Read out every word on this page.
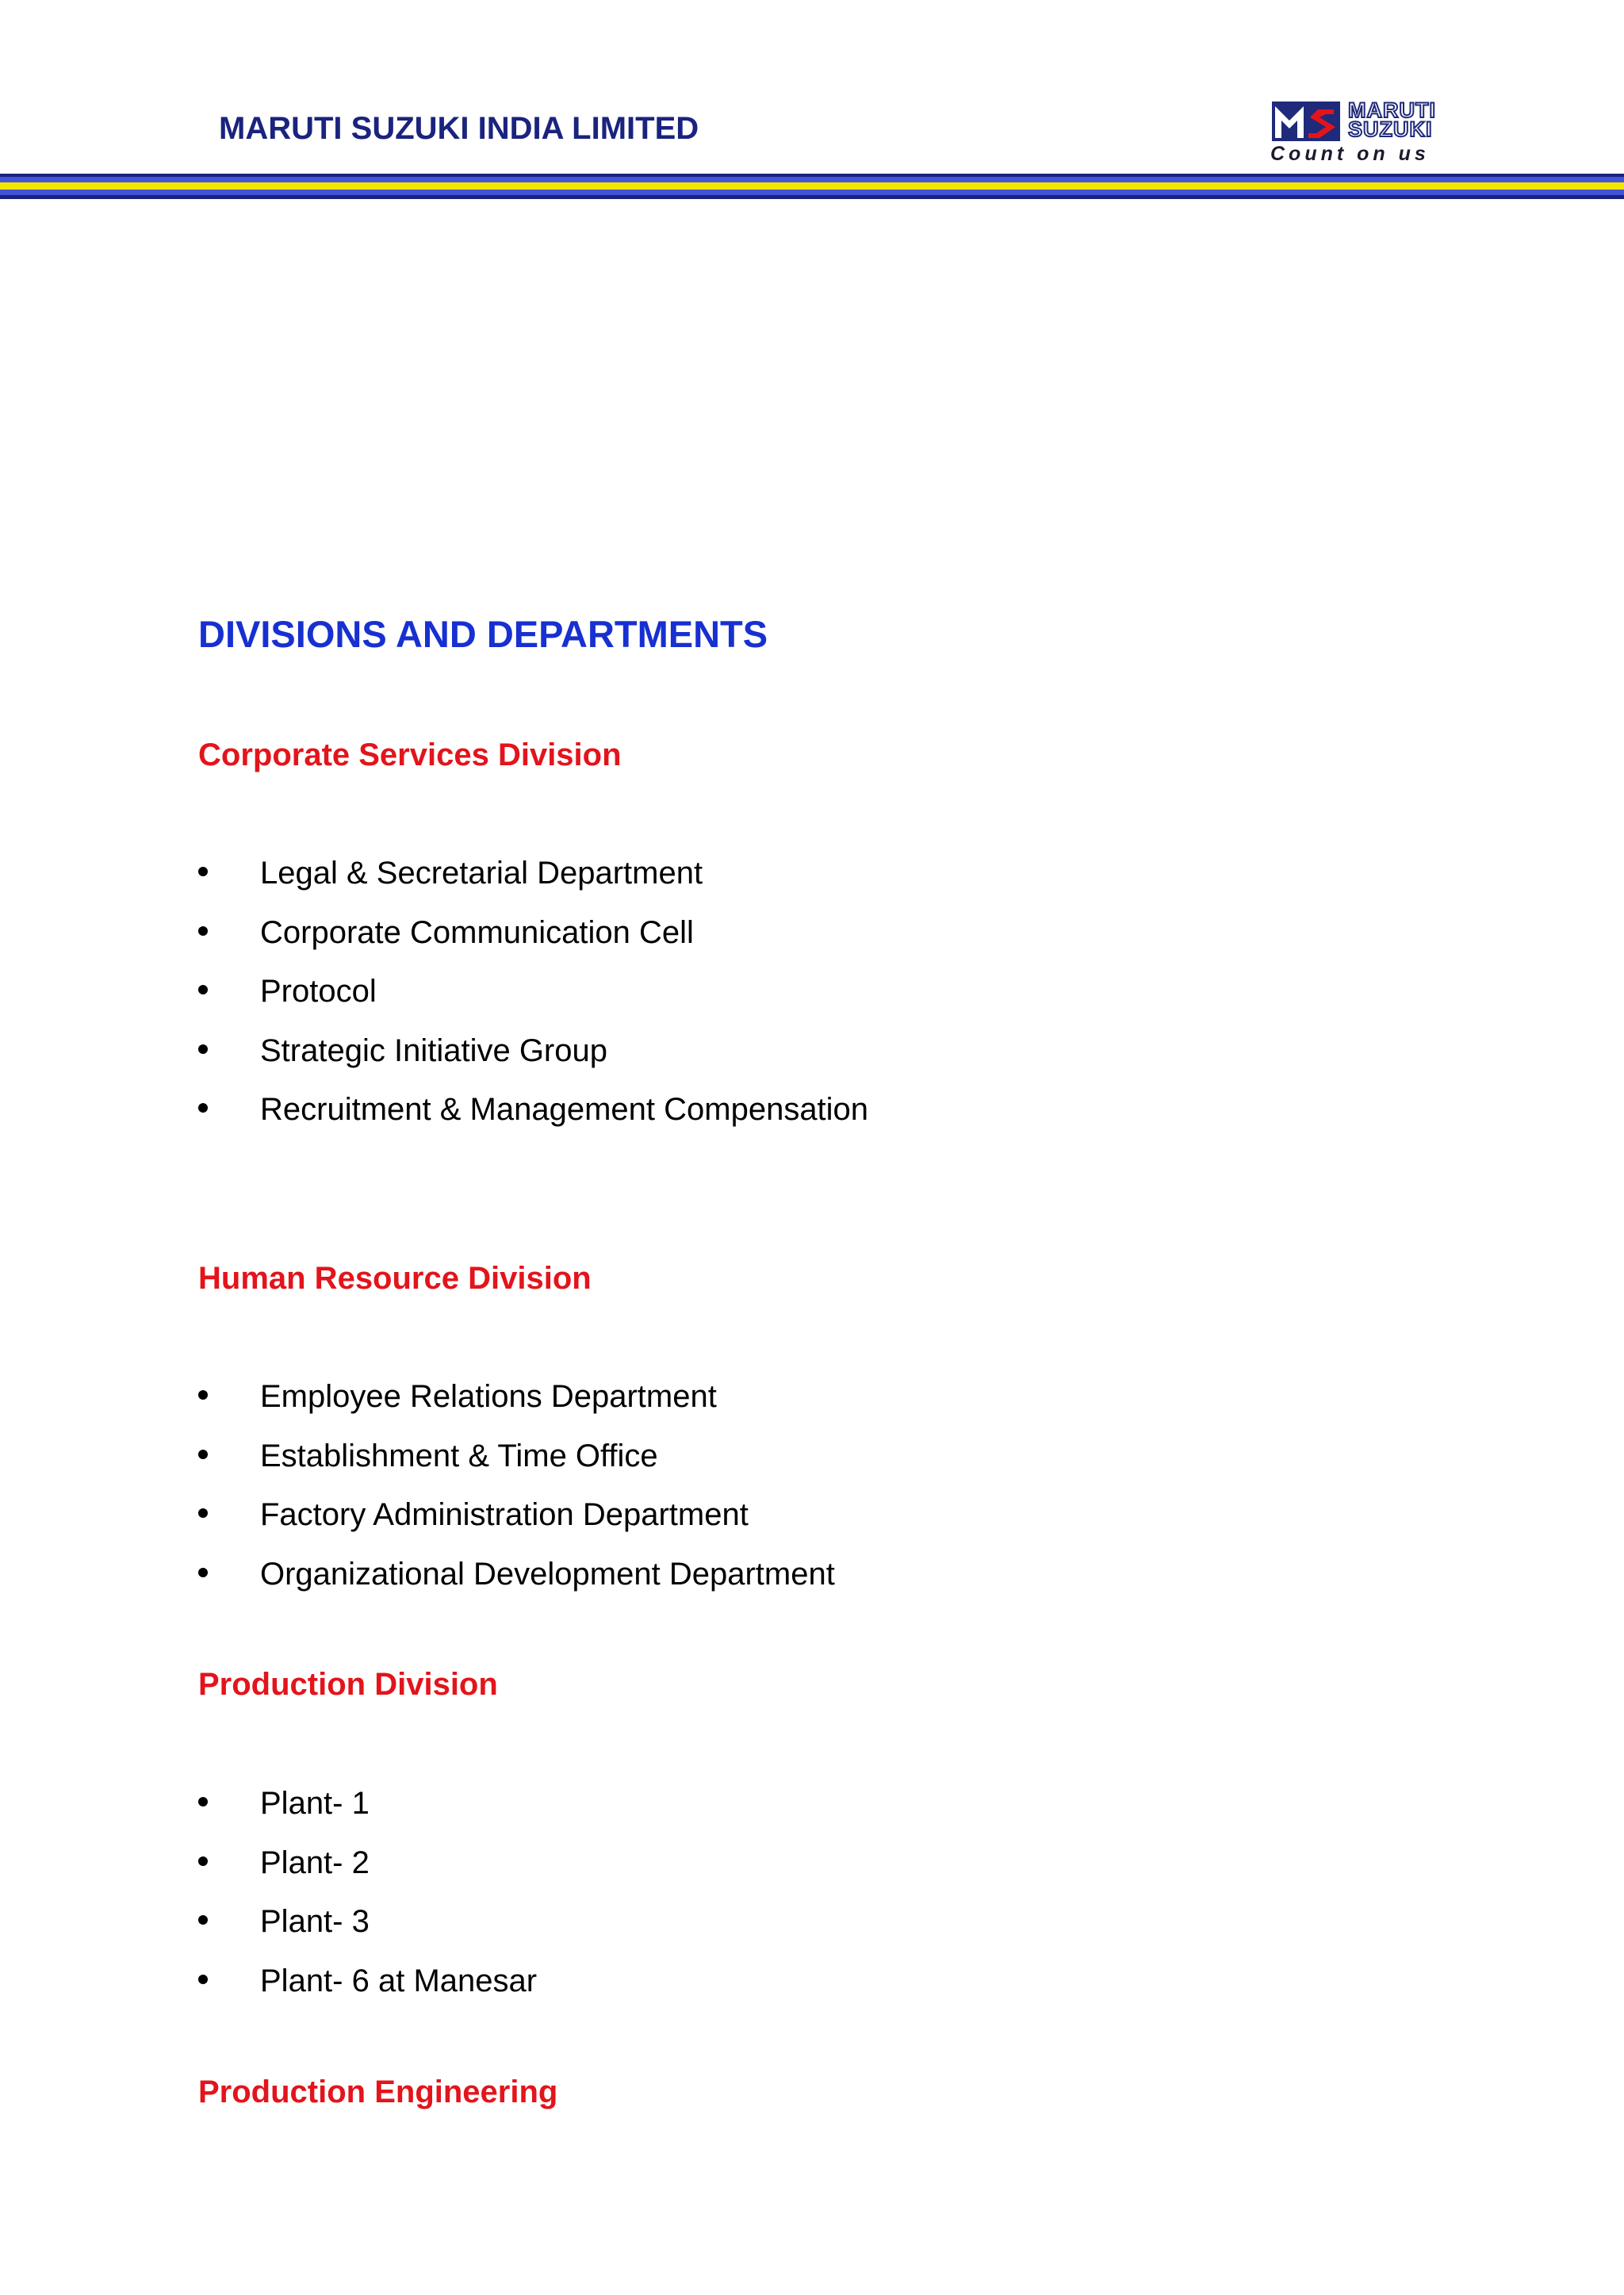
MARUTI SUZUKI INDIA LIMITED
MARUTI
SUZUKI
Count on us
DIVISIONS AND DEPARTMENTS
Corporate Services Division
Legal & Secretarial Department
Corporate Communication Cell
Protocol
Strategic Initiative Group
Recruitment & Management Compensation
Human Resource Division
Employee Relations Department
Establishment & Time Office
Factory Administration Department
Organizational Development Department
Production Division
Plant- 1
Plant- 2
Plant- 3
Plant- 6 at Manesar
Production Engineering
